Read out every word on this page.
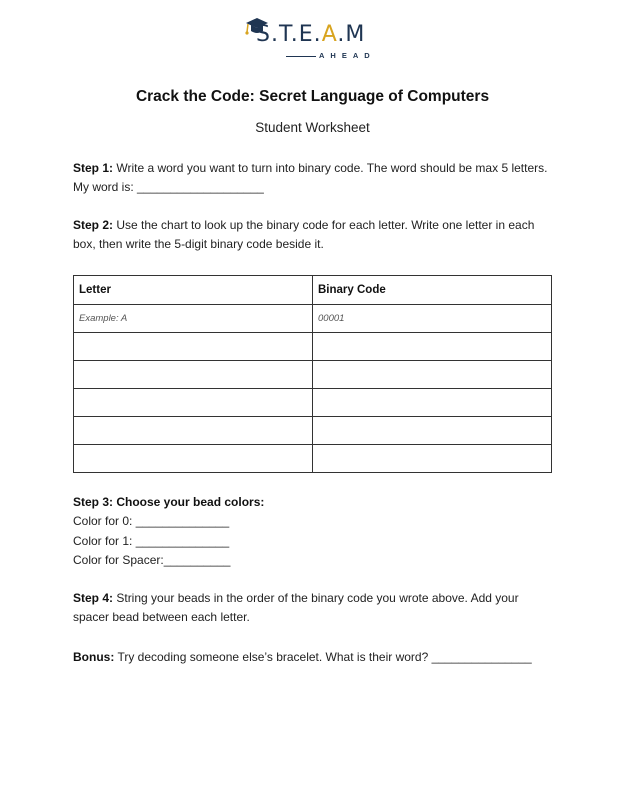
S.T.E.A.M
AHEAD
Crack the Code: Secret Language of Computers
Student Worksheet
Step 1: Write a word you want to turn into binary code. The word should be max 5 letters. My word is: ___________________
Step 2: Use the chart to look up the binary code for each letter. Write one letter in each box, then write the 5-digit binary code beside it.
Letter	Binary Code
Example: A	00001

Step 3: Choose your bead colors:
Color for 0: ______________
Color for 1: ______________
Color for Spacer:__________
Step 4: String your beads in the order of the binary code you wrote above. Add your spacer bead between each letter.
Bonus: Try decoding someone else’s bracelet. What is their word? _______________
